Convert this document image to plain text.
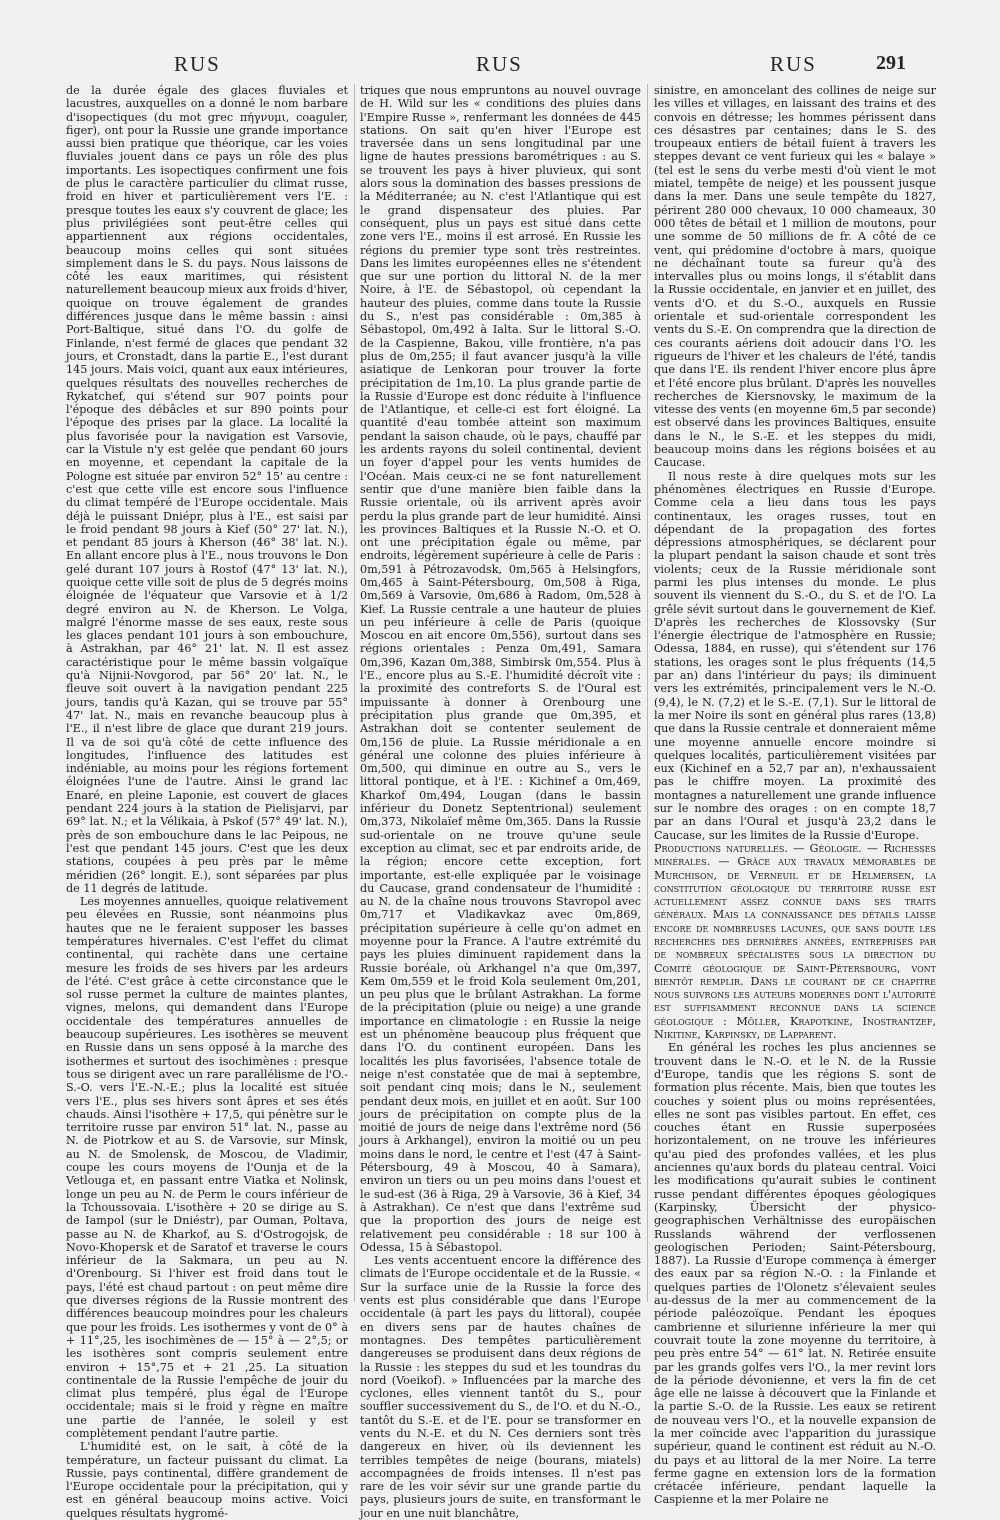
RUS	RUS	RUS	291

de la durée égale des glaces fluviales et lacustres, auxquelles on a donné le nom barbare d'isopectiques (du mot grec πήγνυμι, coaguler, figer), ont pour la Russie une grande importance aussi bien pratique que théorique, car les voies fluviales jouent dans ce pays un rôle des plus importants. Les isopectiques confirment une fois de plus le caractère particulier du climat russe, froid en hiver et particulièrement vers l'E. : presque toutes les eaux s'y couvrent de glace; les plus privilégiées sont peut-être celles qui appartiennent aux régions occidentales, beaucoup moins celles qui sont situées simplement dans le S. du pays. Nous laissons de côté les eaux maritimes, qui résistent naturellement beaucoup mieux aux froids d'hiver, quoique on trouve également de grandes différences jusque dans le même bassin : ainsi Port-Baltique, situé dans l'O. du golfe de Finlande, n'est fermé de glaces que pendant 32 jours, et Cronstadt, dans la partie E., l'est durant 145 jours. Mais voici, quant aux eaux intérieures, quelques résultats des nouvelles recherches de Rykatchef, qui s'étend sur 907 points pour l'époque des débâcles et sur 890 points pour l'époque des prises par la glace. La localité la plus favorisée pour la navigation est Varsovie, car la Vistule n'y est gelée que pendant 60 jours en moyenne, et cependant la capitale de la Pologne est située par environ 52° 15' au centre : c'est que cette ville est encore sous l'influence du climat tempéré de l'Europe occidentale. Mais déjà le puissant Dniépr, plus à l'E., est saisi par le froid pendant 98 jours à Kief (50° 27' lat. N.), et pendant 85 jours à Kherson (46° 38' lat. N.). En allant encore plus à l'E., nous trouvons le Don gelé durant 107 jours à Rostof (47° 13' lat. N.), quoique cette ville soit de plus de 5 degrés moins éloignée de l'équateur que Varsovie et à 1/2 degré environ au N. de Kherson. Le Volga, malgré l'énorme masse de ses eaux, reste sous les glaces pendant 101 jours à son embouchure, à Astrakhan, par 46° 21' lat. N. Il est assez caractéristique pour le même bassin volgaïque qu'à Nijnii-Novgorod, par 56° 20' lat. N., le fleuve soit ouvert à la navigation pendant 225 jours, tandis qu'à Kazan, qui se trouve par 55° 47' lat. N., mais en revanche beaucoup plus à l'E., il n'est libre de glace que durant 219 jours. Il va de soi qu'à côté de cette influence des longitudes, l'influence des latitudes est indéniable, au moins pour les régions fortement éloignées l'une de l'autre. Ainsi le grand lac Enaré, en pleine Laponie, est couvert de glaces pendant 224 jours à la station de Pielisjarvi, par 69° lat. N.; et la Vélikaia, à Pskof (57° 49' lat. N.), près de son embouchure dans le lac Peipous, ne l'est que pendant 145 jours. C'est que les deux stations, coupées à peu près par le même méridien (26° longit. E.), sont séparées par plus de 11 degrés de latitude.

Les moyennes annuelles, quoique relativement peu élevées en Russie, sont néanmoins plus hautes que ne le feraient supposer les basses températures hivernales. C'est l'effet du climat continental, qui rachète dans une certaine mesure les froids de ses hivers par les ardeurs de l'été. C'est grâce à cette circonstance que le sol russe permet la culture de maintes plantes, vignes, melons, qui demandent dans l'Europe occidentale des températures annuelles de beaucoup supérieures. Les isothères se meuvent en Russie dans un sens opposé à la marche des isothermes et surtout des isochimènes : presque tous se dirigent avec un rare parallélisme de l'O.-S.-O. vers l'E.-N.-E.; plus la localité est située vers l'E., plus ses hivers sont âpres et ses étés chauds. Ainsi l'isothère + 17,5, qui pénètre sur le territoire russe par environ 51° lat. N., passe au N. de Piotrkow et au S. de Varsovie, sur Minsk, au N. de Smolensk, de Moscou, de Vladimir, coupe les cours moyens de l'Ounja et de la Vetlouga et, en passant entre Viatka et Nolinsk, longe un peu au N. de Perm le cours inférieur de la Tchoussovaia. L'isothère + 20 se dirige au S. de Iampol (sur le Dniéstr), par Ouman, Poltava, passe au N. de Kharkof, au S. d'Ostrogojsk, de Novo-Khopersk et de Saratof et traverse le cours inférieur de la Sakmara, un peu au N. d'Orenbourg. Si l'hiver est froid dans tout le pays, l'été est chaud partout : on peut même dire que diverses régions de la Russie montrent des différences beaucoup moindres pour les chaleurs que pour les froids. Les isothermes y vont de 0° à + 11°,25, les isochimènes de — 15° à — 2°,5; or les isothères sont compris seulement entre environ + 15°,75 et + 21 ,25. La situation continentale de la Russie l'empêche de jouir du climat plus tempéré, plus égal de l'Europe occidentale; mais si le froid y règne en maître une partie de l'année, le soleil y est complètement pendant l'autre partie.

L'humidité est, on le sait, à côté de la température, un facteur puissant du climat. La Russie, pays continental, diffère grandement de l'Europe occidentale pour la précipitation, qui y est en général beaucoup moins active. Voici quelques résultats hygromé-

triques que nous empruntons au nouvel ouvrage de H. Wild sur les « conditions des pluies dans l'Empire Russe », renfermant les données de 445 stations. On sait qu'en hiver l'Europe est traversée dans un sens longitudinal par une ligne de hautes pressions barométriques : au S. se trouvent les pays à hiver pluvieux, qui sont alors sous la domination des basses pressions de la Méditerranée; au N. c'est l'Atlantique qui est le grand dispensateur des pluies. Par conséquent, plus un pays est situé dans cette zone vers l'E., moins il est arrosé. En Russie les régions du premier type sont très restreintes. Dans les limites européennes elles ne s'étendent que sur une portion du littoral N. de la mer Noire, à l'E. de Sébastopol, où cependant la hauteur des pluies, comme dans toute la Russie du S., n'est pas considérable : 0m,385 à Sébastopol, 0m,492 à Ialta. Sur le littoral S.-O. de la Caspienne, Bakou, ville frontière, n'a pas plus de 0m,255; il faut avancer jusqu'à la ville asiatique de Lenkoran pour trouver la forte précipitation de 1m,10. La plus grande partie de la Russie d'Europe est donc réduite à l'influence de l'Atlantique, et celle-ci est fort éloigné. La quantité d'eau tombée atteint son maximum pendant la saison chaude, où le pays, chauffé par les ardents rayons du soleil continental, devient un foyer d'appel pour les vents humides de l'Océan. Mais ceux-ci ne se font naturellement sentir que d'une manière bien faible dans la Russie orientale, où ils arrivent après avoir perdu la plus grande part de leur humidité. Ainsi les provinces Baltiques et la Russie N.-O. et O. ont une précipitation égale ou même, par endroits, légèrement supérieure à celle de Paris : 0m,591 à Pétrozavodsk, 0m,565 à Helsingfors, 0m,465 à Saint-Pétersbourg, 0m,508 à Riga, 0m,569 à Varsovie, 0m,686 à Radom, 0m,528 à Kief. La Russie centrale a une hauteur de pluies un peu inférieure à celle de Paris (quoique Moscou en ait encore 0m,556), surtout dans ses régions orientales : Penza 0m,491, Samara 0m,396, Kazan 0m,388, Simbirsk 0m,554. Plus à l'E., encore plus au S.-E. l'humidité décroît vite : la proximité des contreforts S. de l'Oural est impuissante à donner à Orenbourg une précipitation plus grande que 0m,395, et Astrakhan doit se contenter seulement de 0m,156 de pluie. La Russie méridionale a en général une colonne des pluies inférieure à 0m,500, qui diminue en outre au S., vers le littoral pontique, et à l'E. : Kichinef a 0m,469, Kharkof 0m,494, Lougan (dans le bassin inférieur du Donetz Septentrional) seulement 0m,373, Nikolaïef même 0m,365. Dans la Russie sud-orientale on ne trouve qu'une seule exception au climat, sec et par endroits aride, de la région; encore cette exception, fort importante, est-elle expliquée par le voisinage du Caucase, grand condensateur de l'humidité : au N. de la chaîne nous trouvons Stavropol avec 0m,717 et Vladikavkaz avec 0m,869, précipitation supérieure à celle qu'on admet en moyenne pour la France. A l'autre extrémité du pays les pluies diminuent rapidement dans la Russie boréale, où Arkhangel n'a que 0m,397, Kem 0m,559 et le froid Kola seulement 0m,201, un peu plus que le brûlant Astrakhan. La forme de la précipitation (pluie ou neige) a une grande importance en climatologie : en Russie la neige est un phénomène beaucoup plus fréquent que dans l'O. du continent européen. Dans les localités les plus favorisées, l'absence totale de neige n'est constatée que de mai à septembre, soit pendant cinq mois; dans le N., seulement pendant deux mois, en juillet et en août. Sur 100 jours de précipitation on compte plus de la moitié de jours de neige dans l'extrême nord (56 jours à Arkhangel), environ la moitié ou un peu moins dans le nord, le centre et l'est (47 à Saint-Pétersbourg, 49 à Moscou, 40 à Samara), environ un tiers ou un peu moins dans l'ouest et le sud-est (36 à Riga, 29 à Varsovie, 36 à Kief, 34 à Astrakhan). Ce n'est que dans l'extrême sud que la proportion des jours de neige est relativement peu considérable : 18 sur 100 à Odessa, 15 à Sébastopol.

Les vents accentuent encore la différence des climats de l'Europe occidentale et de la Russie. « Sur la surface unie de la Russie la force des vents est plus considérable que dans l'Europe occidentale (à part les pays du littoral), coupée en divers sens par de hautes chaînes de montagnes. Des tempêtes particulièrement dangereuses se produisent dans deux régions de la Russie : les steppes du sud et les toundras du nord (Voeikof). » Influencées par la marche des cyclones, elles viennent tantôt du S., pour souffler successivement du S., de l'O. et du N.-O., tantôt du S.-E. et de l'E. pour se transformer en vents du N.-E. et du N. Ces derniers sont très dangereux en hiver, où ils deviennent les terribles tempêtes de neige (bourans, miatels) accompagnées de froids intenses. Il n'est pas rare de les voir sévir sur une grande partie du pays, plusieurs jours de suite, en transformant le jour en une nuit blanchâtre,

sinistre, en amoncelant des collines de neige sur les villes et villages, en laissant des trains et des convois en détresse; les hommes périssent dans ces désastres par centaines; dans le S. des troupeaux entiers de bétail fuient à travers les steppes devant ce vent furieux qui les « balaye » (tel est le sens du verbe mesti d'où vient le mot miatel, tempête de neige) et les poussent jusque dans la mer. Dans une seule tempête du 1827, périrent 280 000 chevaux, 10 000 chameaux, 30 000 têtes de bétail et 1 million de moutons, pour une somme de 50 millions de fr. A côté de ce vent, qui prédomine d'octobre à mars, quoique ne déchaînant toute sa fureur qu'à des intervalles plus ou moins longs, il s'établit dans la Russie occidentale, en janvier et en juillet, des vents d'O. et du S.-O., auxquels en Russie orientale et sud-orientale correspondent les vents du S.-E. On comprendra que la direction de ces courants aériens doit adoucir dans l'O. les rigueurs de l'hiver et les chaleurs de l'été, tandis que dans l'E. ils rendent l'hiver encore plus âpre et l'été encore plus brûlant. D'après les nouvelles recherches de Kiersnovsky, le maximum de la vitesse des vents (en moyenne 6m,5 par seconde) est observé dans les provinces Baltiques, ensuite dans le N., le S.-E. et les steppes du midi, beaucoup moins dans les régions boisées et au Caucase.

Il nous reste à dire quelques mots sur les phénomènes électriques en Russie d'Europe. Comme cela a lieu dans tous les pays continentaux, les orages russes, tout en dépendant de la propagation des fortes dépressions atmosphériques, se déclarent pour la plupart pendant la saison chaude et sont très violents; ceux de la Russie méridionale sont parmi les plus intenses du monde. Le plus souvent ils viennent du S.-O., du S. et de l'O. La grêle sévit surtout dans le gouvernement de Kief. D'après les recherches de Klossovsky (Sur l'énergie électrique de l'atmosphère en Russie; Odessa, 1884, en russe), qui s'étendent sur 176 stations, les orages sont le plus fréquents (14,5 par an) dans l'intérieur du pays; ils diminuent vers les extrémités, principalement vers le N.-O. (9,4), le N. (7,2) et le S.-E. (7,1). Sur le littoral de la mer Noire ils sont en général plus rares (13,8) que dans la Russie centrale et donneraient même une moyenne annuelle encore moindre si quelques localités, particulièrement visitées par eux (Kichinef en a 52,7 par an), n'exhaussaient pas le chiffre moyen. La proximité des montagnes a naturellement une grande influence sur le nombre des orages : on en compte 18,7 par an dans l'Oural et jusqu'à 23,2 dans le Caucase, sur les limites de la Russie d'Europe.

Productions naturelles. — Géologie. — Richesses minérales. — Grâce aux travaux mémorables de Murchison, de Verneuil et de Helmersen, la constitution géologique du territoire russe est actuellement assez connue dans ses traits généraux. Mais la connaissance des détails laisse encore de nombreuses lacunes, que sans doute les recherches des dernières années, entreprises par de nombreux spécialistes sous la direction du Comité géologique de Saint-Pétersbourg, vont bientôt remplir. Dans le courant de ce chapitre nous suivrons les auteurs modernes dont l'autorité est suffisamment reconnue dans la science géologique : Möller, Krapotkine, Inostrantzef, Nikitine, Karpinsky, de Lapparent.

En général les roches les plus anciennes se trouvent dans le N.-O. et le N. de la Russie d'Europe, tandis que les régions S. sont de formation plus récente. Mais, bien que toutes les couches y soient plus ou moins représentées, elles ne sont pas visibles partout. En effet, ces couches étant en Russie superposées horizontalement, on ne trouve les inférieures qu'au pied des profondes vallées, et les plus anciennes qu'aux bords du plateau central. Voici les modifications qu'aurait subies le continent russe pendant différentes époques géologiques (Karpinsky, Übersicht der physico-geographischen Verhältnisse des europäischen Russlands während der verflossenen geologischen Perioden; Saint-Pétersbourg, 1887). La Russie d'Europe commença à émerger des eaux par sa région N.-O. : la Finlande et quelques parties de l'Olonetz s'élevaient seules au-dessus de la mer au commencement de la période paléozoïque. Pendant les époques cambrienne et silurienne inférieure la mer qui couvrait toute la zone moyenne du territoire, à peu près entre 54° — 61° lat. N. Retirée ensuite par les grands golfes vers l'O., la mer revint lors de la période dévonienne, et vers la fin de cet âge elle ne laisse à découvert que la Finlande et la partie S.-O. de la Russie. Les eaux se retirent de nouveau vers l'O., et la nouvelle expansion de la mer coïncide avec l'apparition du jurassique supérieur, quand le continent est réduit au N.-O. du pays et au littoral de la mer Noire. La terre ferme gagne en extension lors de la formation crétacée inférieure, pendant laquelle la Caspienne et la mer Polaire ne
